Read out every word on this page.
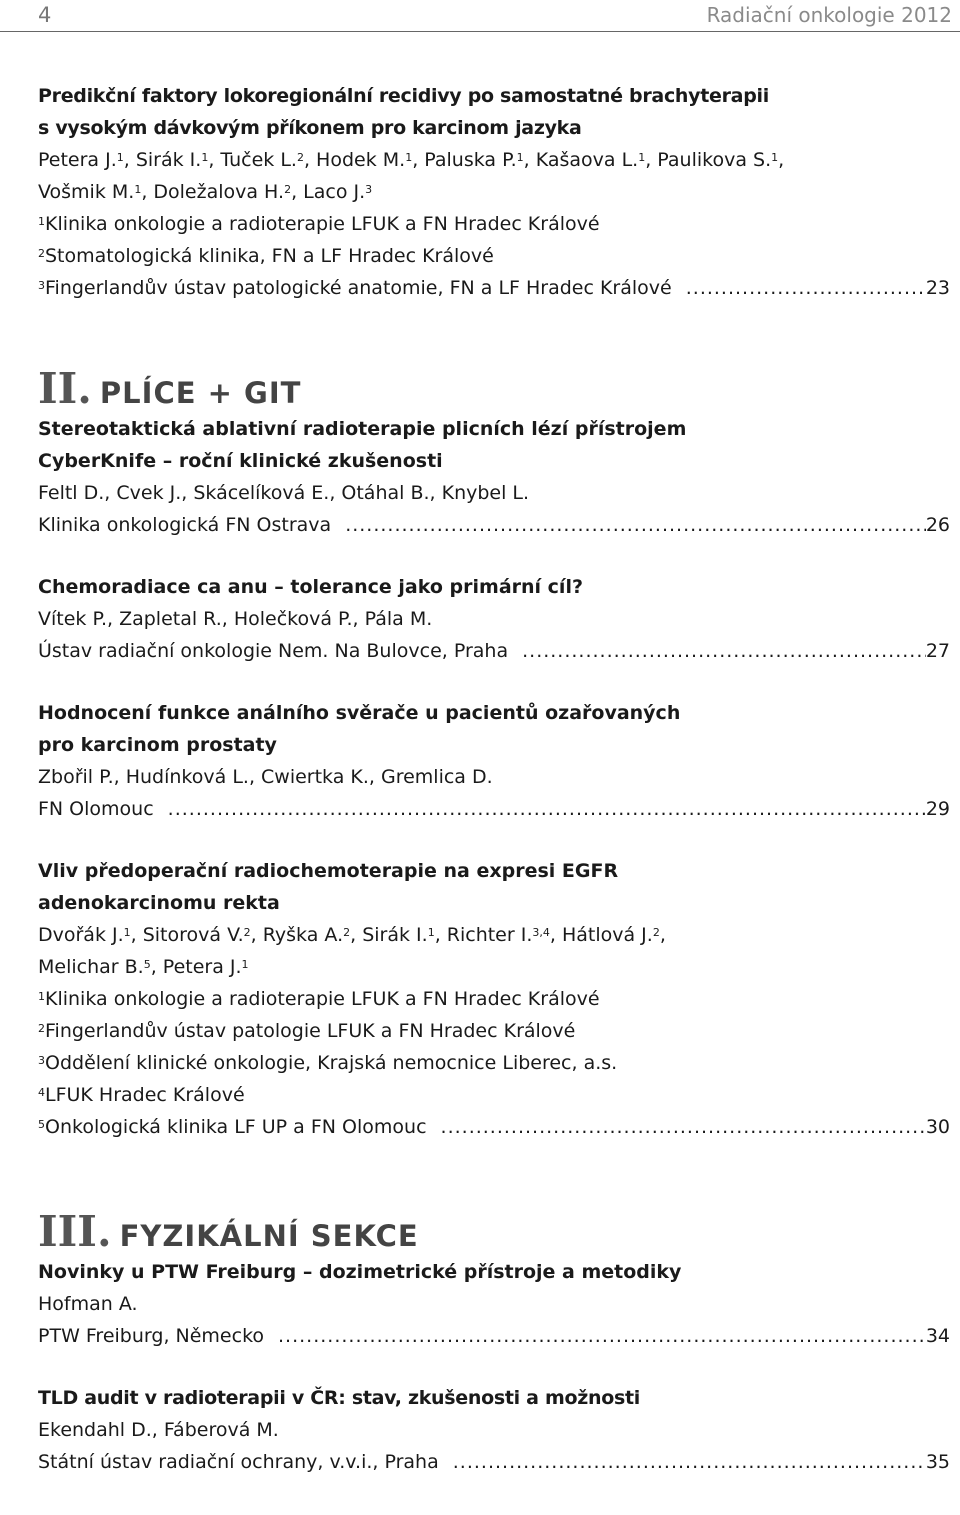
4	Radiační onkologie 2012
Predikční faktory lokoregionální recidivy po samostatné brachyterapii
s vysokým dávkovým příkonem pro karcinom jazyka
Petera J.$^1$, Sirák I.$^1$, Tuček L.$^2$, Hodek M.$^1$, Paluska P.$^1$, Kašaova L.$^1$, Paulikova S.$^1$,
Vošmik M.$^1$, Doležalova H.$^2$, Laco J.$^3$
$^1$Klinika onkologie a radioterapie LFUK a FN Hradec Králové
$^2$Stomatologická klinika, FN a LF Hradec Králové
$^3$Fingerlandův ústav patologické anatomie, FN a LF Hradec Králové .....	23
II. PLÍCE + GIT
Stereotaktická ablativní radioterapie plicních lézí přístrojem
CyberKnife – roční klinické zkušenosti
Feltl D., Cvek J., Skácelíková E., Otáhal B., Knybel L.
Klinika onkologická FN Ostrava .....	26
Chemoradiace ca anu – tolerance jako primární cíl?
Vítek P., Zapletal R., Holečková P., Pála M.
Ústav radiační onkologie Nem. Na Bulovce, Praha .....	27
Hodnocení funkce análního svěrače u pacientů ozařovaných
pro karcinom prostaty
Zbořil P., Hudínková L., Cwiertka K., Gremlica D.
FN Olomouc .....	29
Vliv předoperační radiochemoterapie na expresi EGFR
adenokarcinomu rekta
Dvořák J.$^1$, Sitorová V.$^2$, Ryška A.$^2$, Sirák I.$^1$, Richter I.$^{3,4}$, Hátlová J.$^2$,
Melichar B.$^5$, Petera J.$^1$
$^1$Klinika onkologie a radioterapie LFUK a FN Hradec Králové
$^2$Fingerlandův ústav patologie LFUK a FN Hradec Králové
$^3$Oddělení klinické onkologie, Krajská nemocnice Liberec, a.s.
$^4$LFUK Hradec Králové
$^5$Onkologická klinika LF UP a FN Olomouc .....	30
III. FYZIKÁLNÍ SEKCE
Novinky u PTW Freiburg – dozimetrické přístroje a metodiky
Hofman A.
PTW Freiburg, Německo .....	34
TLD audit v radioterapii v ČR: stav, zkušenosti a možnosti
Ekendahl D., Fáberová M.
Státní ústav radiační ochrany, v.v.i., Praha .....	35
